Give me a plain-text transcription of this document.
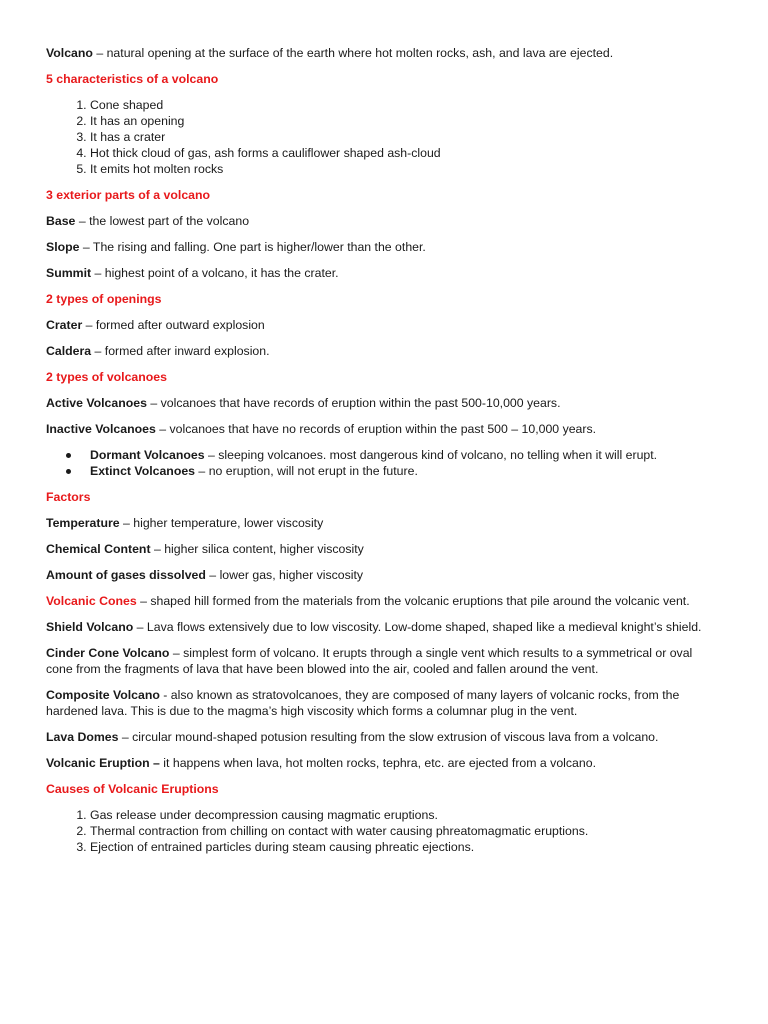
Volcano – natural opening at the surface of the earth where hot molten rocks, ash, and lava are ejected.

5 characteristics of a volcano
1. Cone shaped
2. It has an opening
3. It has a crater
4. Hot thick cloud of gas, ash forms a cauliflower shaped ash-cloud
5. It emits hot molten rocks
3 exterior parts of a volcano

Base – the lowest part of the volcano

Slope – The rising and falling. One part is higher/lower than the other.

Summit – highest point of a volcano, it has the crater.

2 types of openings

Crater – formed after outward explosion

Caldera – formed after inward explosion.

2 types of volcanoes

Active Volcanoes – volcanoes that have records of eruption within the past 500-10,000 years.

Inactive Volcanoes – volcanoes that have no records of eruption within the past 500 – 10,000 years.

Dormant Volcanoes – sleeping volcanoes. most dangerous kind of volcano, no telling when it will erupt.
Extinct Volcanoes – no eruption, will not erupt in the future.
Factors

Temperature – higher temperature, lower viscosity

Chemical Content – higher silica content, higher viscosity

Amount of gases dissolved – lower gas, higher viscosity

Volcanic Cones – shaped hill formed from the materials from the volcanic eruptions that pile around the volcanic vent.

Shield Volcano – Lava flows extensively due to low viscosity. Low-dome shaped, shaped like a medieval knight’s shield.

Cinder Cone Volcano – simplest form of volcano. It erupts through a single vent which results to a symmetrical or oval cone from the fragments of lava that have been blowed into the air, cooled and fallen around the vent.

Composite Volcano - also known as stratovolcanoes, they are composed of many layers of volcanic rocks, from the hardened lava. This is due to the magma’s high viscosity which forms a columnar plug in the vent.

Lava Domes – circular mound-shaped potusion resulting from the slow extrusion of viscous lava from a volcano.

Volcanic Eruption – it happens when lava, hot molten rocks, tephra, etc. are ejected from a volcano.

Causes of Volcanic Eruptions
1. Gas release under decompression causing magmatic eruptions.
2. Thermal contraction from chilling on contact with water causing phreatomagmatic eruptions.
3. Ejection of entrained particles during steam causing phreatic ejections.
